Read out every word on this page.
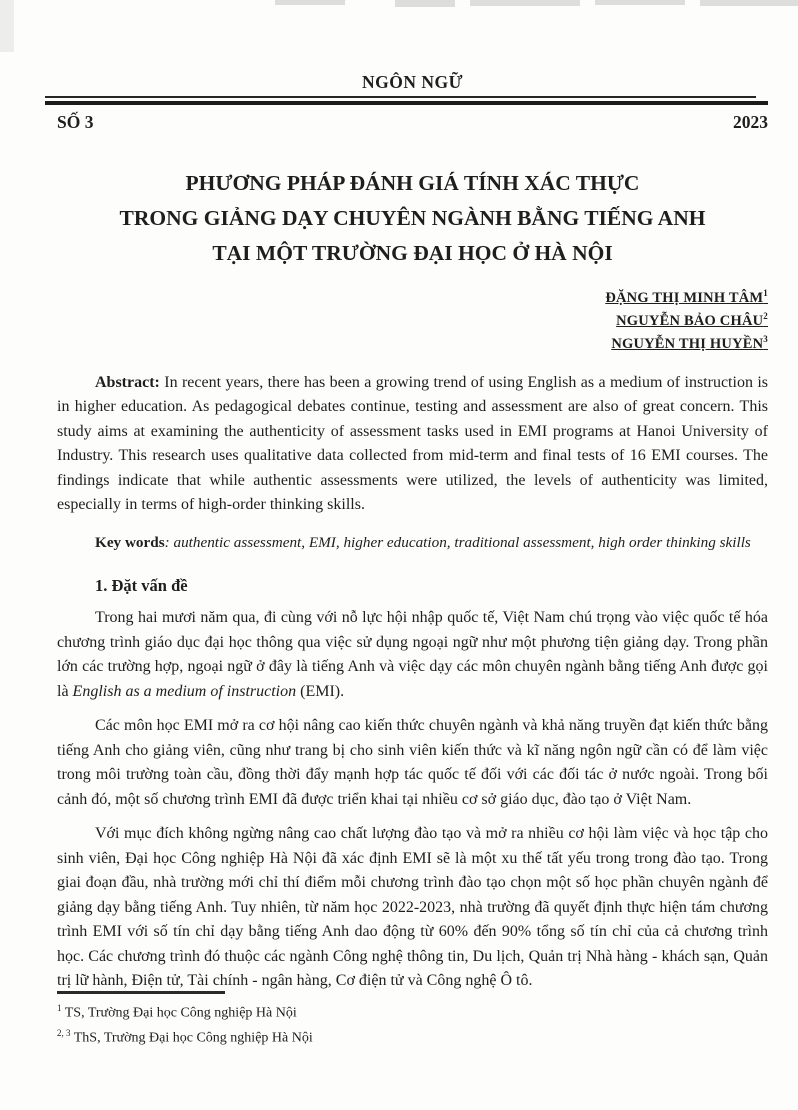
NGÔN NGỮ
SỐ 3	2023
PHƯƠNG PHÁP ĐÁNH GIÁ TÍNH XÁC THỰC
TRONG GIẢNG DẠY CHUYÊN NGÀNH BẰNG TIẾNG ANH
TẠI MỘT TRƯỜNG ĐẠI HỌC Ở HÀ NỘI
ĐẶNG THỊ MINH TÂM$^1$
NGUYỄN BẢO CHÂU$^2$
NGUYỄN THỊ HUYỀN$^3$

Abstract: In recent years, there has been a growing trend of using English as a medium of instruction is in higher education. As pedagogical debates continue, testing and assessment are also of great concern. This study aims at examining the authenticity of assessment tasks used in EMI programs at Hanoi University of Industry. This research uses qualitative data collected from mid-term and final tests of 16 EMI courses. The findings indicate that while authentic assessments were utilized, the levels of authenticity was limited, especially in terms of high-order thinking skills.

Key words: authentic assessment, EMI, higher education, traditional assessment, high order thinking skills

1. Đặt vấn đề

Trong hai mươi năm qua, đi cùng với nỗ lực hội nhập quốc tế, Việt Nam chú trọng vào việc quốc tế hóa chương trình giáo dục đại học thông qua việc sử dụng ngoại ngữ như một phương tiện giảng dạy. Trong phần lớn các trường hợp, ngoại ngữ ở đây là tiếng Anh và việc dạy các môn chuyên ngành bằng tiếng Anh được gọi là English as a medium of instruction (EMI).

Các môn học EMI mở ra cơ hội nâng cao kiến thức chuyên ngành và khả năng truyền đạt kiến thức bằng tiếng Anh cho giảng viên, cũng như trang bị cho sinh viên kiến thức và kĩ năng ngôn ngữ cần có để làm việc trong môi trường toàn cầu, đồng thời đẩy mạnh hợp tác quốc tế đối với các đối tác ở nước ngoài. Trong bối cảnh đó, một số chương trình EMI đã được triển khai tại nhiều cơ sở giáo dục, đào tạo ở Việt Nam.

Với mục đích không ngừng nâng cao chất lượng đào tạo và mở ra nhiều cơ hội làm việc và học tập cho sinh viên, Đại học Công nghiệp Hà Nội đã xác định EMI sẽ là một xu thế tất yếu trong trong đào tạo. Trong giai đoạn đầu, nhà trường mới chỉ thí điểm mỗi chương trình đào tạo chọn một số học phần chuyên ngành để giảng dạy bằng tiếng Anh. Tuy nhiên, từ năm học 2022-2023, nhà trường đã quyết định thực hiện tám chương trình EMI với số tín chỉ dạy bằng tiếng Anh dao động từ 60% đến 90% tổng số tín chỉ của cả chương trình học. Các chương trình đó thuộc các ngành Công nghệ thông tin, Du lịch, Quản trị Nhà hàng - khách sạn, Quản trị lữ hành, Điện tử, Tài chính - ngân hàng, Cơ điện tử và Công nghệ Ô tô.

$^1$ TS, Trường Đại học Công nghiệp Hà Nội

$^{2, 3}$ ThS, Trường Đại học Công nghiệp Hà Nội
